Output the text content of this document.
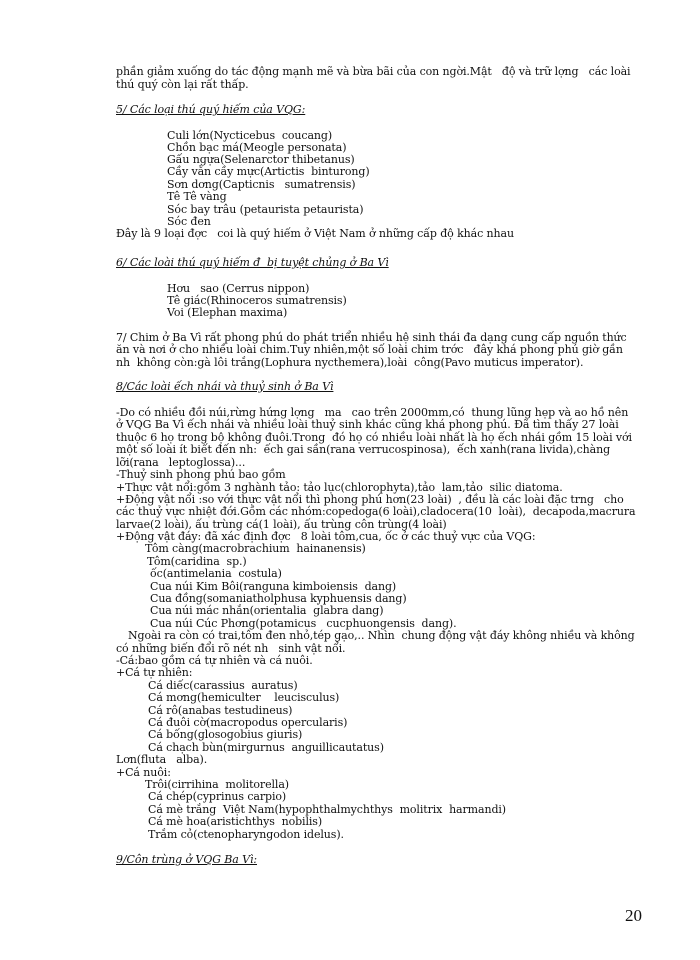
phần giảm xuống do tác động mạnh mẽ và bừa bãi của con ngời.Mật   độ và trữ lợng   các loài
thú quý còn lại rất thấp.
5/ Các loại thú quý hiếm của VQG:
Culi lớn(Nycticebus  coucang)
Chồn bạc má(Meogle personata)
Gấu ngựa(Selenarctor thibetanus)
Cầy vằn cầy mực(Artictis  binturong)
Sơn dơng(Capticnis   sumatrensis)
Tê Tê vàng
Sóc bay trâu (petaurista petaurista)
Sóc đen
Đây là 9 loại đợc   coi là quý hiếm ở Việt Nam ở những cấp độ khác nhau
6/ Các loài thú quý hiếm đ  bị tuyệt chủng ở Ba Vì
Hơu   sao (Cerrus nippon)
Tê giác(Rhinoceros sumatrensis)
Voi (Elephan maxima)
7/ Chim ở Ba Vì rất phong phú do phát triển nhiều hệ sinh thái đa dạng cung cấp nguồn thức
ăn và nơi ở cho nhiều loài chim.Tuy nhiên,một số loài chim trớc   đây khá phong phú giờ gần
nh  không còn:gà lôi trắng(Lophura nycthemera),loài  công(Pavo muticus imperator).
8/Các loài ếch nhái và thuỷ sinh ở Ba Vì
-Do có nhiều đồi núi,rừng hứng lợng   ma   cao trên 2000mm,có  thung lũng hẹp và ao hồ nên
ở VQG Ba Vì ếch nhái và nhiều loài thuỷ sinh khác cũng khá phong phú. Đã tìm thấy 27 loài
thuộc 6 họ trong bộ không đuôi.Trong  đó họ có nhiều loài nhất là họ ếch nhái gồm 15 loài với
một số loài ít biết đến nh:  ếch gai sần(rana verrucospinosa),  ếch xanh(rana livida),chàng
lỡi(rana   leptoglossa)...
-Thuỷ sinh phong phú bao gồm
+Thực vật nổi:gồm 3 nghành tảo: tảo lục(chlorophyta),tảo  lam,tảo  silic diatoma.
+Động vật nổi :so với thực vật nổi thì phong phú hơn(23 loài)  , đều là các loài đặc trng   cho
các thuỷ vực nhiệt đới.Gồm các nhóm:copedoga(6 loài),cladocera(10  loài),  decapoda,macrura
larvae(2 loài), ấu trùng cá(1 loài), ấu trùng côn trùng(4 loài)
+Động vật đáy: đã xác định đợc   8 loài tôm,cua, ốc ở các thuỷ vực của VQG:
Tôm càng(macrobrachium  hainanensis)
Tôm(caridina  sp.)
ốc(antimelania  costula)
Cua núi Kim Bôi(ranguna kimboiensis  dang)
Cua đồng(somaniatholphusa kyphuensis dang)
Cua núi mác nhắn(orientalia  glabra dang)
Cua núi Cúc Phơng(potamicus   cucphuongensis  dang).
Ngoài ra còn có trai,tôm đen nhỏ,tép gạo,.. Nhìn  chung động vật đáy không nhiều và không
có những biến đổi rõ nét nh   sinh vật nổi.
-Cá:bao gồm cá tự nhiên và cá nuôi.
+Cá tự nhiên:
Cá diếc(carassius  auratus)
Cá mơng(hemiculter    leucisculus)
Cá rô(anabas testudineus)
Cá đuôi cờ(macropodus opercularis)
Cá bống(glosogobius giuris)
Cá chạch bùn(mirgurnus  anguillicautatus)
Lơn(fluta   alba).
+Cá nuôi:
Trôi(cirrihina  molitorella)
Cá chép(cyprinus carpio)
Cá mè trắng  Việt Nam(hypophthalmychthys  molitrix  harmandi)
Cá mè hoa(aristichthys  nobilis)
Trắm cỏ(ctenopharyngodon idelus).
9/Côn trùng ở VQG Ba Vì:
20
